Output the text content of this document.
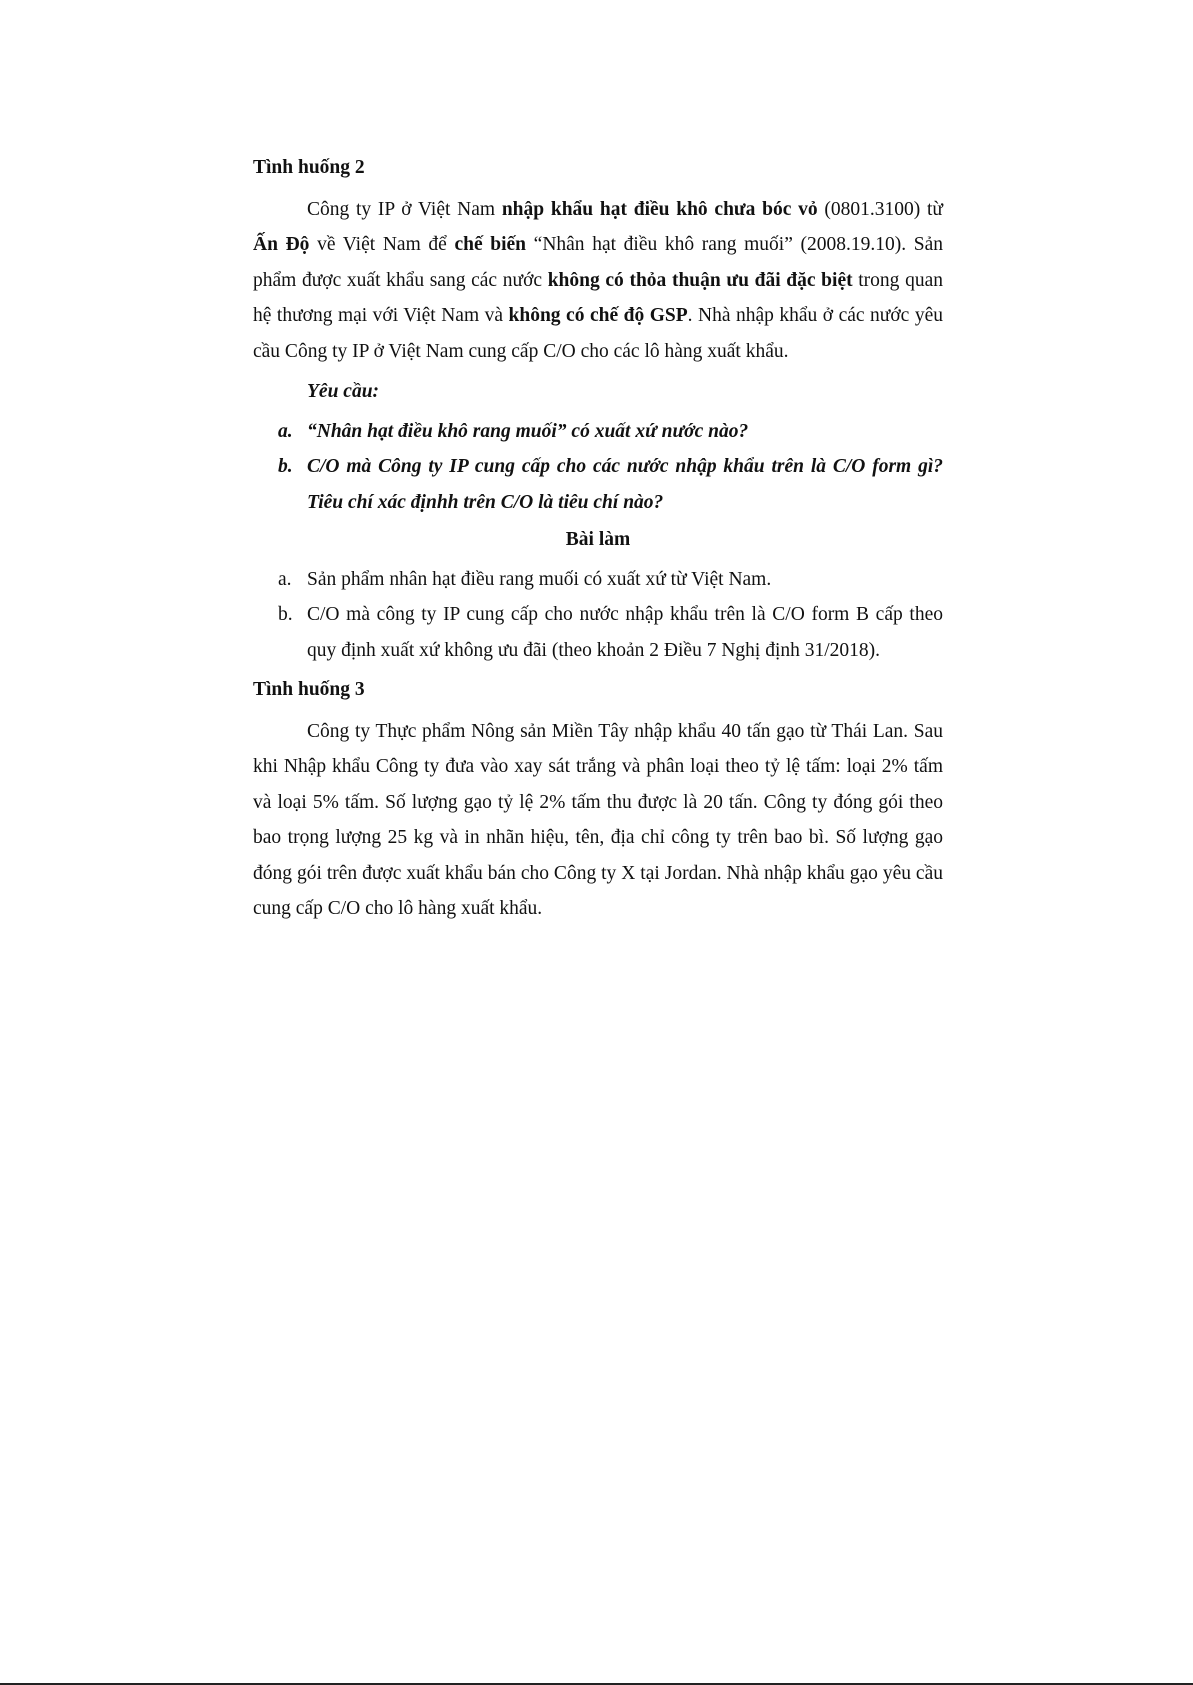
Tình huống 2

Công ty IP ở Việt Nam nhập khẩu hạt điều khô chưa bóc vỏ (0801.3100) từ Ấn Độ về Việt Nam để chế biến “Nhân hạt điều khô rang muối” (2008.19.10). Sản phẩm được xuất khẩu sang các nước không có thỏa thuận ưu đãi đặc biệt trong quan hệ thương mại với Việt Nam và không có chế độ GSP. Nhà nhập khẩu ở các nước yêu cầu Công ty IP ở Việt Nam cung cấp C/O cho các lô hàng xuất khẩu.

Yêu cầu:

a. “Nhân hạt điều khô rang muối” có xuất xứ nước nào?
b. C/O mà Công ty IP cung cấp cho các nước nhập khẩu trên là C/O form gì? Tiêu chí xác địnhh trên C/O là tiêu chí nào?

Bài làm

a. Sản phẩm nhân hạt điều rang muối có xuất xứ từ Việt Nam.
b. C/O mà công ty IP cung cấp cho nước nhập khẩu trên là C/O form B cấp theo quy định xuất xứ không ưu đãi (theo khoản 2 Điều 7 Nghị định 31/2018).

Tình huống 3

Công ty Thực phẩm Nông sản Miền Tây nhập khẩu 40 tấn gạo từ Thái Lan. Sau khi Nhập khẩu Công ty đưa vào xay sát trắng và phân loại theo tỷ lệ tấm: loại 2% tấm và loại 5% tấm. Số lượng gạo tỷ lệ 2% tấm thu được là 20 tấn. Công ty đóng gói theo bao trọng lượng 25 kg và in nhãn hiệu, tên, địa chỉ công ty trên bao bì. Số lượng gạo đóng gói trên được xuất khẩu bán cho Công ty X tại Jordan. Nhà nhập khẩu gạo yêu cầu cung cấp C/O cho lô hàng xuất khẩu.
